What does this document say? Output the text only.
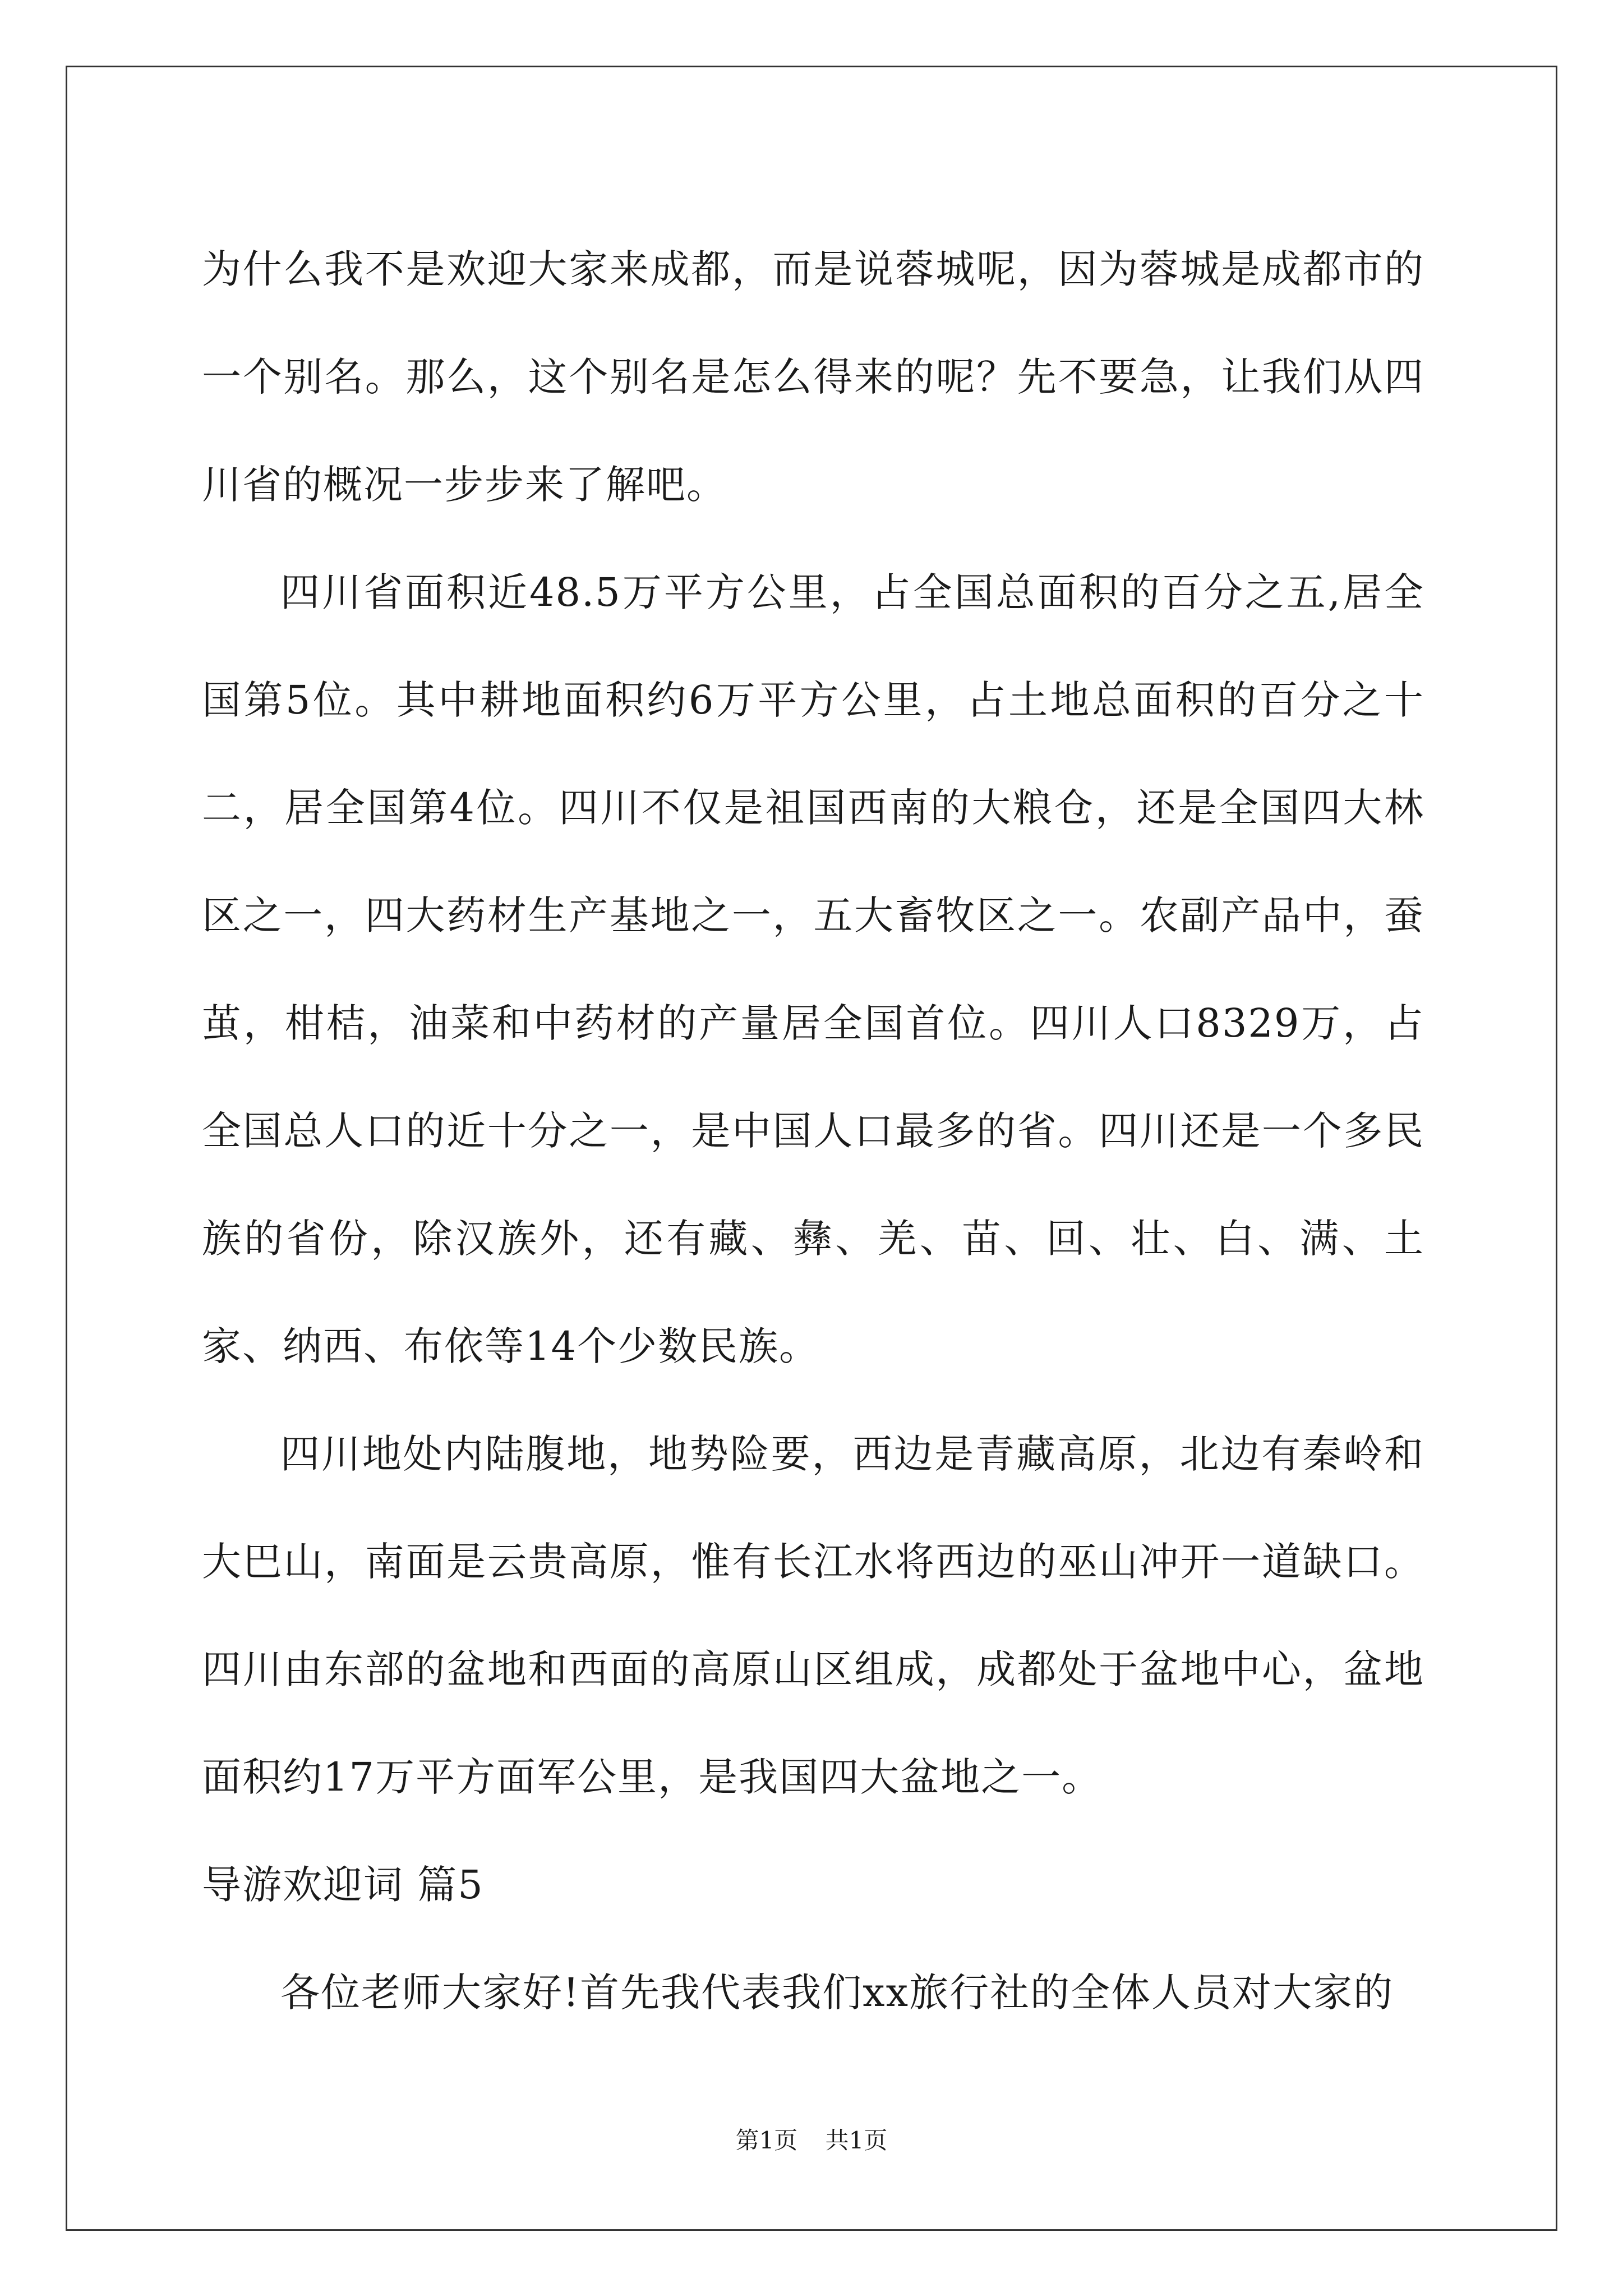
为什么我不是欢迎大家来成都，而是说蓉城呢，因为蓉城是成都市的一个别名。那么，这个别名是怎么得来的呢？先不要急，让我们从四川省的概况一步步来了解吧。

四川省面积近48.5万平方公里，占全国总面积的百分之五,居全国第5位。其中耕地面积约6万平方公里，占土地总面积的百分之十二，居全国第4位。四川不仅是祖国西南的大粮仓，还是全国四大林区之一，四大药材生产基地之一，五大畜牧区之一。农副产品中，蚕茧，柑桔，油菜和中药材的产量居全国首位。四川人口8329万，占全国总人口的近十分之一，是中国人口最多的省。四川还是一个多民族的省份，除汉族外，还有藏、彝、羌、苗、回、壮、白、满、土家、纳西、布依等14个少数民族。

四川地处内陆腹地，地势险要，西边是青藏高原，北边有秦岭和大巴山，南面是云贵高原，惟有长江水将西边的巫山冲开一道缺口。四川由东部的盆地和西面的高原山区组成，成都处于盆地中心，盆地面积约17万平方面军公里，是我国四大盆地之一。

导游欢迎词 篇5

各位老师大家好!首先我代表我们xx旅行社的全体人员对大家的

第1页 共1页
